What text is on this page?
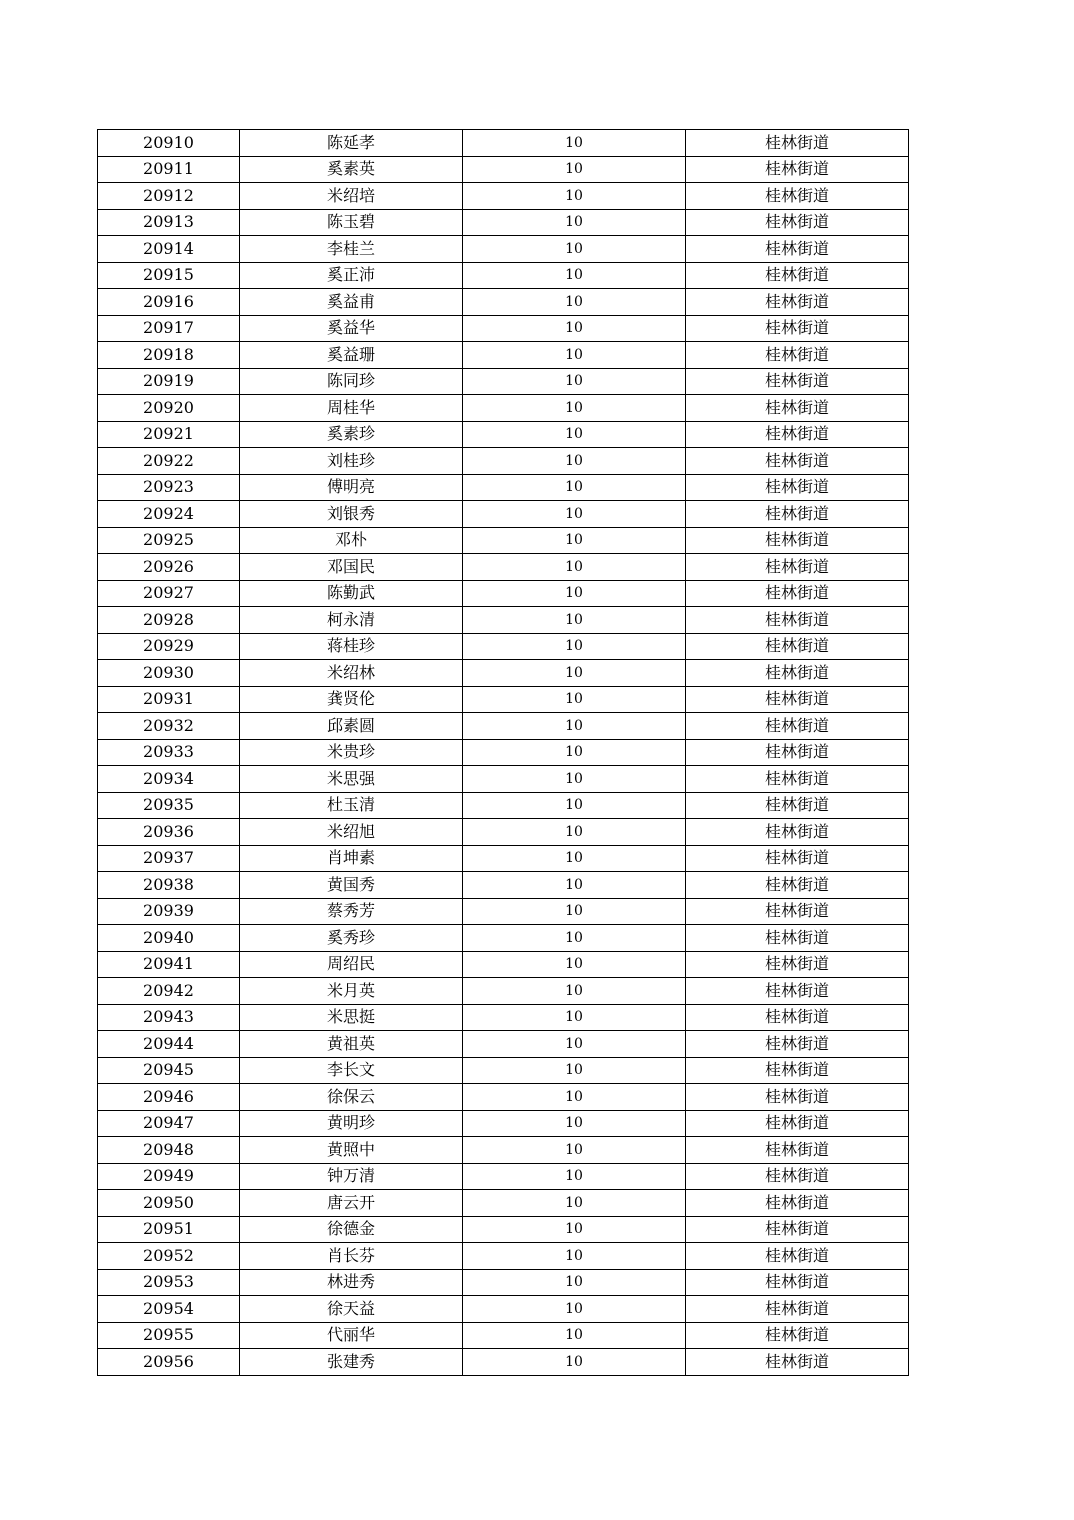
20910	陈延孝	10	桂林街道
20911	奚素英	10	桂林街道
20912	米绍培	10	桂林街道
20913	陈玉碧	10	桂林街道
20914	李桂兰	10	桂林街道
20915	奚正沛	10	桂林街道
20916	奚益甫	10	桂林街道
20917	奚益华	10	桂林街道
20918	奚益珊	10	桂林街道
20919	陈同珍	10	桂林街道
20920	周桂华	10	桂林街道
20921	奚素珍	10	桂林街道
20922	刘桂珍	10	桂林街道
20923	傅明亮	10	桂林街道
20924	刘银秀	10	桂林街道
20925	邓朴	10	桂林街道
20926	邓国民	10	桂林街道
20927	陈勤武	10	桂林街道
20928	柯永清	10	桂林街道
20929	蒋桂珍	10	桂林街道
20930	米绍林	10	桂林街道
20931	龚贤伦	10	桂林街道
20932	邱素圆	10	桂林街道
20933	米贵珍	10	桂林街道
20934	米思强	10	桂林街道
20935	杜玉清	10	桂林街道
20936	米绍旭	10	桂林街道
20937	肖坤素	10	桂林街道
20938	黄国秀	10	桂林街道
20939	蔡秀芳	10	桂林街道
20940	奚秀珍	10	桂林街道
20941	周绍民	10	桂林街道
20942	米月英	10	桂林街道
20943	米思挺	10	桂林街道
20944	黄祖英	10	桂林街道
20945	李长文	10	桂林街道
20946	徐保云	10	桂林街道
20947	黄明珍	10	桂林街道
20948	黄照中	10	桂林街道
20949	钟万清	10	桂林街道
20950	唐云开	10	桂林街道
20951	徐德金	10	桂林街道
20952	肖长芬	10	桂林街道
20953	林进秀	10	桂林街道
20954	徐天益	10	桂林街道
20955	代丽华	10	桂林街道
20956	张建秀	10	桂林街道
